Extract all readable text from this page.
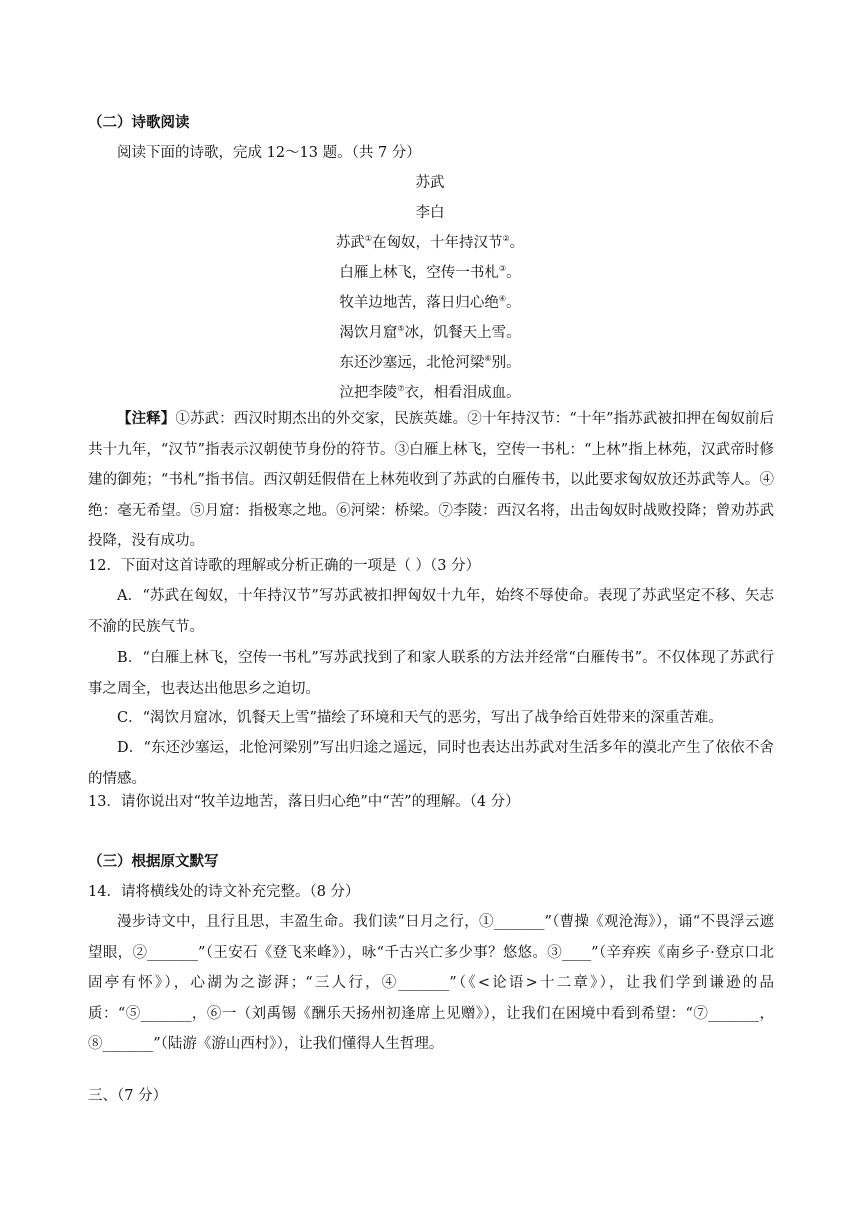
（二）诗歌阅读
阅读下面的诗歌，完成 12～13 题。（共 7 分）
苏武
李白
苏武①在匈奴，十年持汉节②。
白雁上林飞，空传一书札③。
牧羊边地苦，落日归心绝④。
渴饮月窟⑤冰，饥餐天上雪。
东还沙塞远，北怆河梁⑥别。
泣把李陵⑦衣，相看泪成血。
【注释】①苏武：西汉时期杰出的外交家，民族英雄。②十年持汉节：“十年”指苏武被扣押在匈奴前后共十九年，“汉节”指表示汉朝使节身份的符节。③白雁上林飞，空传一书札：“上林”指上林苑，汉武帝时修建的御苑；“书札”指书信。西汉朝廷假借在上林苑收到了苏武的白雁传书，以此要求匈奴放还苏武等人。④绝：毫无希望。⑤月窟：指极寒之地。⑥河梁：桥梁。⑦李陵：西汉名将，出击匈奴时战败投降；曾劝苏武投降，没有成功。
12．下面对这首诗歌的理解或分析正确的一项是（ ）（3 分）
A．“苏武在匈奴，十年持汉节”写苏武被扣押匈奴十九年，始终不辱使命。表现了苏武坚定不移、矢志不渝的民族气节。
B．“白雁上林飞，空传一书札”写苏武找到了和家人联系的方法并经常“白雁传书”。不仅体现了苏武行事之周全，也表达出他思乡之迫切。
C．“渴饮月窟冰，饥餐天上雪”描绘了环境和天气的恶劣，写出了战争给百姓带来的深重苦难。
D．“东还沙塞运，北怆河梁别”写出归途之遥远，同时也表达出苏武对生活多年的漠北产生了依依不舍的情感。
13．请你说出对“牧羊边地苦，落日归心绝”中“苦”的理解。（4 分）
（三）根据原文默写
14．请将横线处的诗文补充完整。（8 分）
漫步诗文中，且行且思，丰盈生命。我们读“日月之行，①_______”（曹操《观沧海》），诵“不畏浮云遮望眼，②_______”（王安石《登飞来峰》），咏“千古兴亡多少事？悠悠。③____”（辛弃疾《南乡子·登京口北固亭有怀》），心湖为之澎湃；“三人行，④_______”（《<论语>十二章》），让我们学到谦逊的品质：“⑤_______，⑥一（刘禹锡《酬乐天扬州初逢席上见赠》），让我们在困境中看到希望：“⑦_______，⑧_______”（陆游《游山西村》），让我们懂得人生哲理。
三、（7 分）
